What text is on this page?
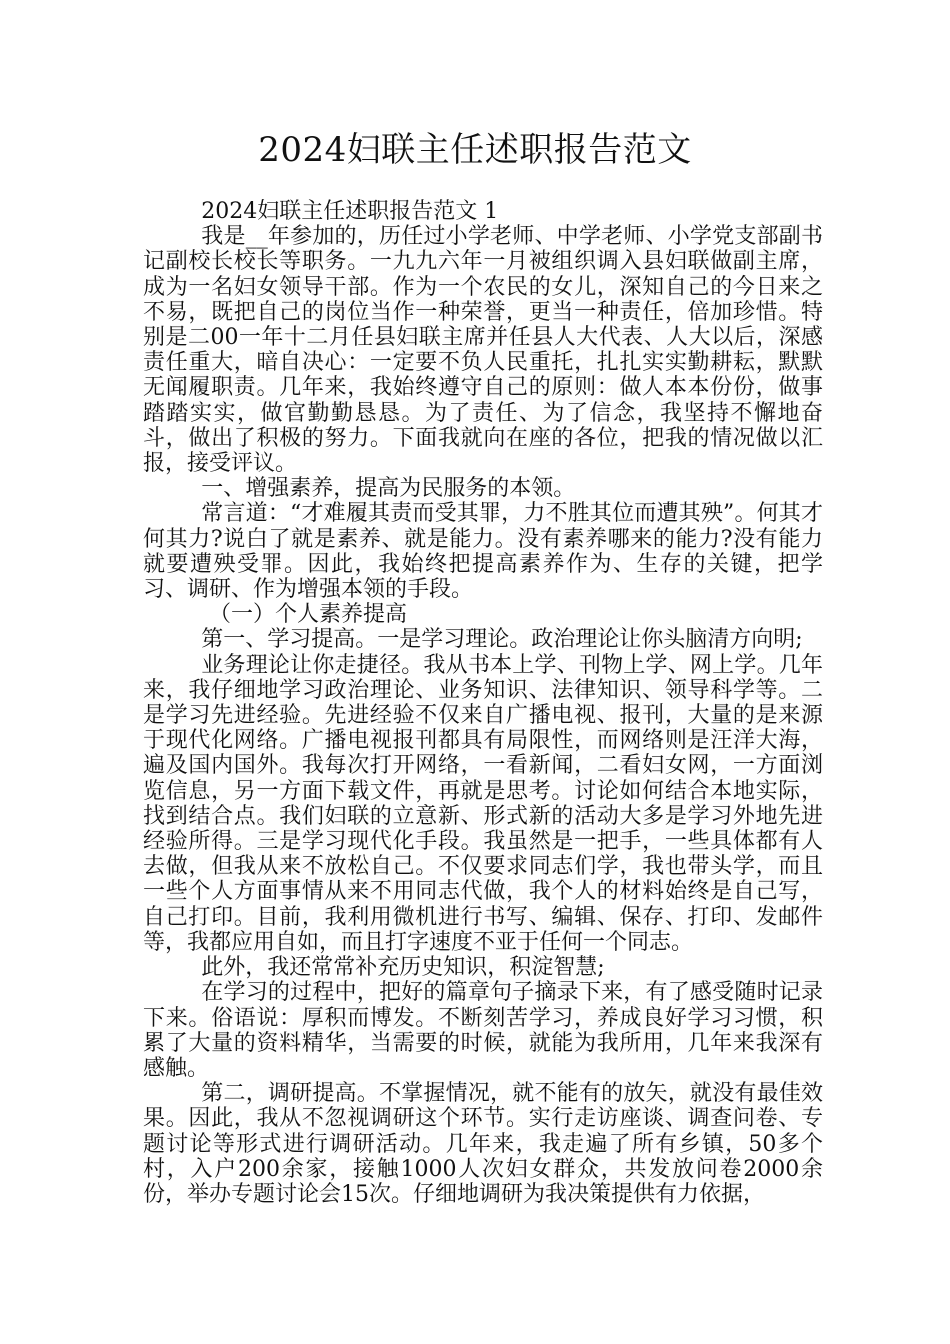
2024妇联主任述职报告范文

2024妇联主任述职报告范文 1

我是__年参加的，历任过小学老师、中学老师、小学党支部副书记副校长校长等职务。一九九六年一月被组织调入县妇联做副主席，成为一名妇女领导干部。作为一个农民的女儿，深知自己的今日来之不易，既把自己的岗位当作一种荣誉，更当一种责任，倍加珍惜。特别是二00一年十二月任县妇联主席并任县人大代表、人大以后，深感责任重大，暗自决心：一定要不负人民重托，扎扎实实勤耕耘，默默无闻履职责。几年来，我始终遵守自己的原则：做人本本份份，做事踏踏实实，做官勤勤恳恳。为了责任、为了信念，我坚持不懈地奋斗，做出了积极的努力。下面我就向在座的各位，把我的情况做以汇报，接受评议。

一、增强素养，提高为民服务的本领。

常言道：“才难履其责而受其罪，力不胜其位而遭其殃”。何其才何其力?说白了就是素养、就是能力。没有素养哪来的能力?没有能力就要遭殃受罪。因此，我始终把提高素养作为、生存的关键，把学习、调研、作为增强本领的手段。

（一）个人素养提高

第一、学习提高。一是学习理论。政治理论让你头脑清方向明;

业务理论让你走捷径。我从书本上学、刊物上学、网上学。几年来，我仔细地学习政治理论、业务知识、法律知识、领导科学等。二是学习先进经验。先进经验不仅来自广播电视、报刊，大量的是来源于现代化网络。广播电视报刊都具有局限性，而网络则是汪洋大海，遍及国内国外。我每次打开网络，一看新闻，二看妇女网，一方面浏览信息，另一方面下载文件，再就是思考。讨论如何结合本地实际，找到结合点。我们妇联的立意新、形式新的活动大多是学习外地先进经验所得。三是学习现代化手段。我虽然是一把手，一些具体都有人去做，但我从来不放松自己。不仅要求同志们学，我也带头学，而且一些个人方面事情从来不用同志代做，我个人的材料始终是自己写，自己打印。目前，我利用微机进行书写、编辑、保存、打印、发邮件等，我都应用自如，而且打字速度不亚于任何一个同志。

此外，我还常常补充历史知识，积淀智慧;

在学习的过程中，把好的篇章句子摘录下来，有了感受随时记录下来。俗语说：厚积而博发。不断刻苦学习，养成良好学习习惯，积累了大量的资料精华，当需要的时候，就能为我所用，几年来我深有感触。

第二，调研提高。不掌握情况，就不能有的放矢，就没有最佳效果。因此，我从不忽视调研这个环节。实行走访座谈、调查问卷、专题讨论等形式进行调研活动。几年来，我走遍了所有乡镇，50多个村，入户200余家，接触1000人次妇女群众，共发放问卷2000余份，举办专题讨论会15次。仔细地调研为我决策提供有力依据，
